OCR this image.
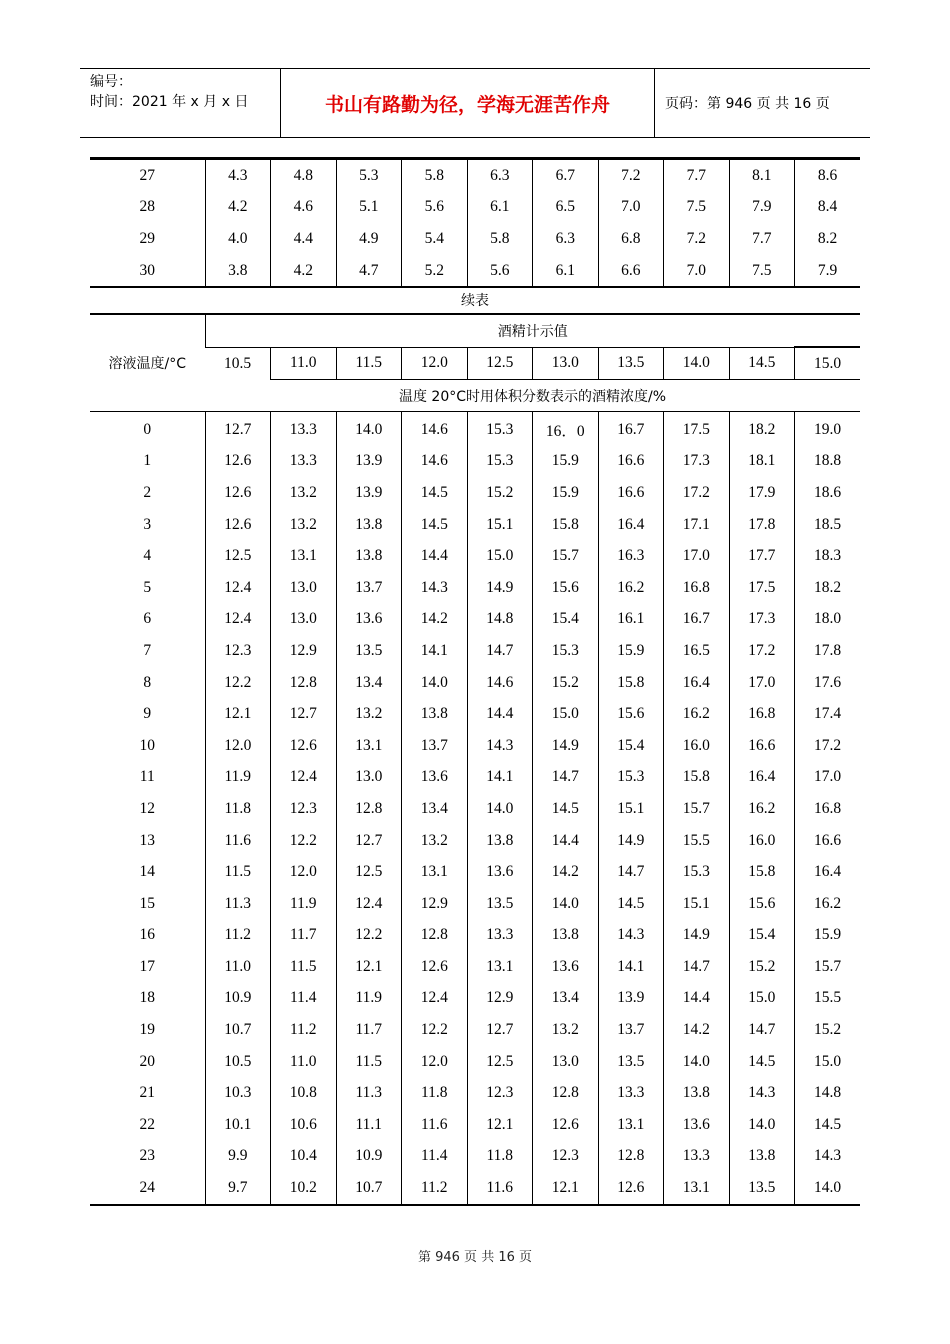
编号：
时间：2021 年 x 月 x 日	书山有路勤为径，学海无涯苦作舟	页码：第 946 页 共 16 页
27	4.3	4.8	5.3	5.8	6.3	6.7	7.2	7.7	8.1	8.6
28	4.2	4.6	5.1	5.6	6.1	6.5	7.0	7.5	7.9	8.4
29	4.0	4.4	4.9	5.4	5.8	6.3	6.8	7.2	7.7	8.2
30	3.8	4.2	4.7	5.2	5.6	6.1	6.6	7.0	7.5	7.9
续表
溶液温度/°C	酒精计示值									
	10.5	11.0	11.5	12.0	12.5	13.0	13.5	14.0	14.5	15.0
	温度 20°C时用体积分数表示的酒精浓度/%									
0	12.7	13.3	14.0	14.6	15.3	16．0	16.7	17.5	18.2	19.0
1	12.6	13.3	13.9	14.6	15.3	15.9	16.6	17.3	18.1	18.8
2	12.6	13.2	13.9	14.5	15.2	15.9	16.6	17.2	17.9	18.6
3	12.6	13.2	13.8	14.5	15.1	15.8	16.4	17.1	17.8	18.5
4	12.5	13.1	13.8	14.4	15.0	15.7	16.3	17.0	17.7	18.3
5	12.4	13.0	13.7	14.3	14.9	15.6	16.2	16.8	17.5	18.2
6	12.4	13.0	13.6	14.2	14.8	15.4	16.1	16.7	17.3	18.0
7	12.3	12.9	13.5	14.1	14.7	15.3	15.9	16.5	17.2	17.8
8	12.2	12.8	13.4	14.0	14.6	15.2	15.8	16.4	17.0	17.6
9	12.1	12.7	13.2	13.8	14.4	15.0	15.6	16.2	16.8	17.4
10	12.0	12.6	13.1	13.7	14.3	14.9	15.4	16.0	16.6	17.2
11	11.9	12.4	13.0	13.6	14.1	14.7	15.3	15.8	16.4	17.0
12	11.8	12.3	12.8	13.4	14.0	14.5	15.1	15.7	16.2	16.8
13	11.6	12.2	12.7	13.2	13.8	14.4	14.9	15.5	16.0	16.6
14	11.5	12.0	12.5	13.1	13.6	14.2	14.7	15.3	15.8	16.4
15	11.3	11.9	12.4	12.9	13.5	14.0	14.5	15.1	15.6	16.2
16	11.2	11.7	12.2	12.8	13.3	13.8	14.3	14.9	15.4	15.9
17	11.0	11.5	12.1	12.6	13.1	13.6	14.1	14.7	15.2	15.7
18	10.9	11.4	11.9	12.4	12.9	13.4	13.9	14.4	15.0	15.5
19	10.7	11.2	11.7	12.2	12.7	13.2	13.7	14.2	14.7	15.2
20	10.5	11.0	11.5	12.0	12.5	13.0	13.5	14.0	14.5	15.0
21	10.3	10.8	11.3	11.8	12.3	12.8	13.3	13.8	14.3	14.8
22	10.1	10.6	11.1	11.6	12.1	12.6	13.1	13.6	14.0	14.5
23	9.9	10.4	10.9	11.4	11.8	12.3	12.8	13.3	13.8	14.3
24	9.7	10.2	10.7	11.2	11.6	12.1	12.6	13.1	13.5	14.0
第 946 页 共 16 页
